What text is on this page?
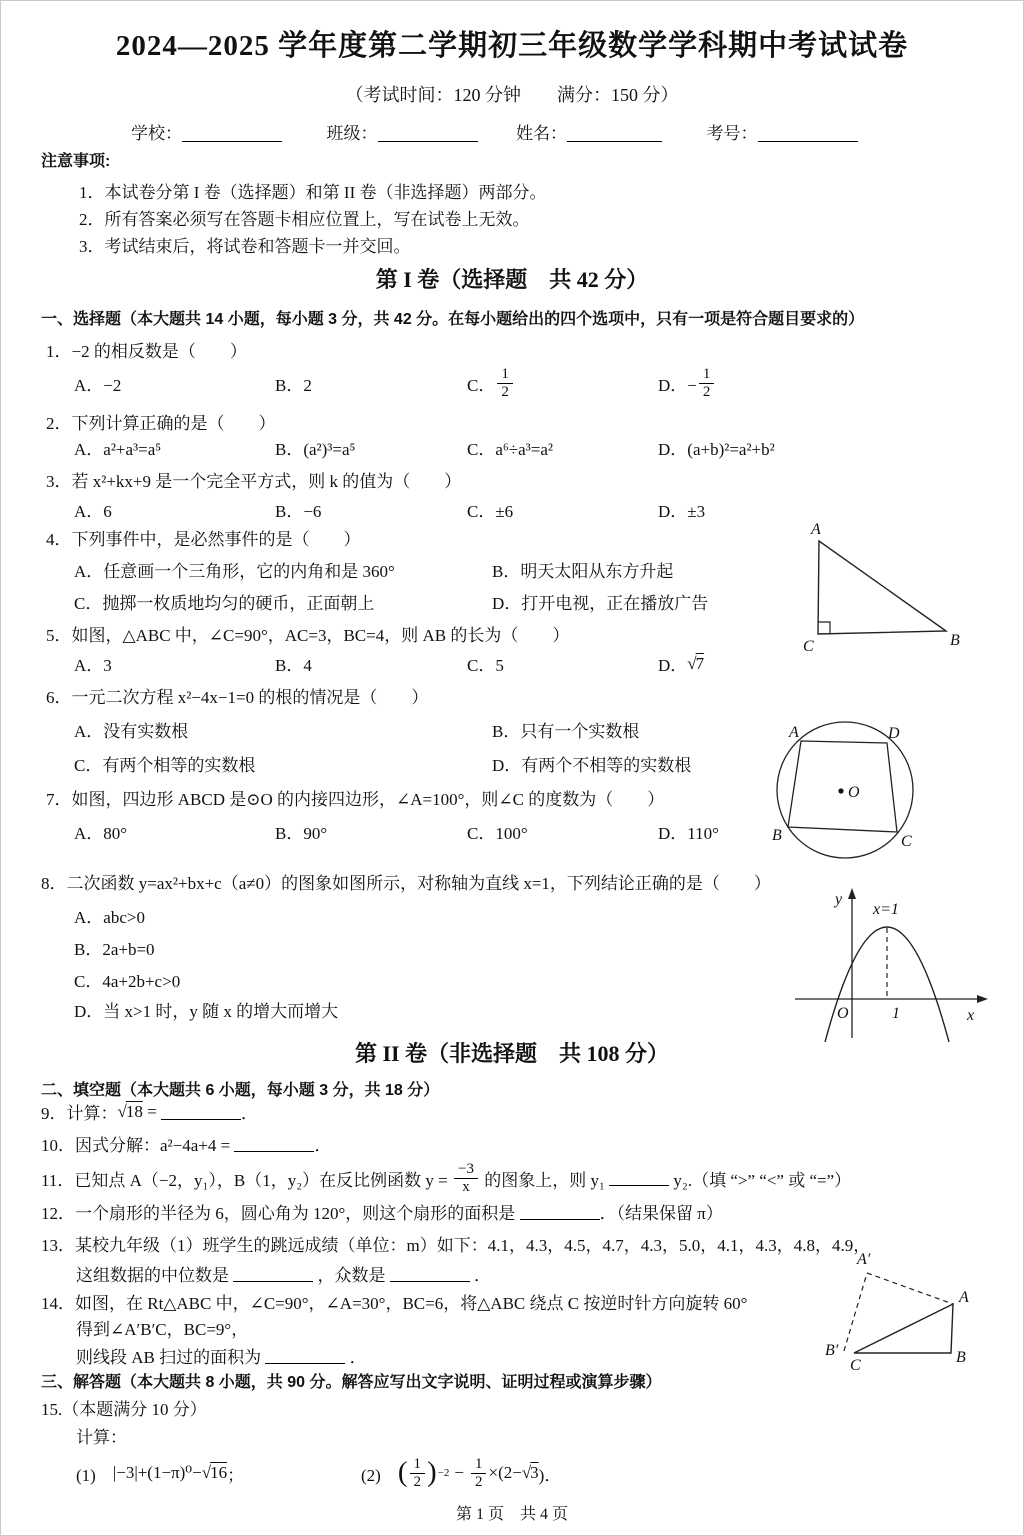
2024—2025 学年度第二学期初三年级数学学科期中考试试卷
（考试时间：120 分钟　　满分：150 分）
学校：	班级：	姓名：	考号：
注意事项:
1．本试卷分第 I 卷（选择题）和第 II 卷（非选择题）两部分。
2．所有答案必须写在答题卡相应位置上，写在试卷上无效。
3．考试结束后，将试卷和答题卡一并交回。
第 I 卷（选择题　共 42 分）
一、选择题（本大题共 14 小题，每小题 3 分，共 42 分。在每小题给出的四个选项中，只有一项是符合题目要求的）
1．−2 的相反数是（　　）
A．−2	B．2	C． $\frac{1}{2}$	D．− $\frac{1}{2}$
2．下列计算正确的是（　　）
A．a²+a³=a⁵	B．(a²)³=a⁵	C．a⁶÷a³=a²	D．(a+b)²=a²+b²
3．若 x²+kx+9 是一个完全平方式，则 k 的值为（　　）
A．6	B．−6	C．±6	D．±3
4．下列事件中，是必然事件的是（　　）
A．任意画一个三角形，它的内角和是 360°	B．明天太阳从东方升起
C．抛掷一枚质地均匀的硬币，正面朝上	D．打开电视，正在播放广告
5．如图，△ABC 中，∠C=90°，AC=3，BC=4，则 AB 的长为（　　）
A．3	B．4	C．5	D． √ 7
6．一元二次方程 x²−4x−1=0 的根的情况是（　　）
A．没有实数根	B．只有一个实数根
C．有两个相等的实数根	D．有两个不相等的实数根
7．如图，四边形 ABCD 是⊙O 的内接四边形，∠A=100°，则∠C 的度数为（　　）
A．80°	B．90°	C．100°	D．110°
8．二次函数 y=ax²+bx+c（a≠0）的图象如图所示，对称轴为直线 x=1，下列结论正确的是（　　）
A．abc>0
B．2a+b=0
C．4a+2b+c>0
D．当 x>1 时，y 随 x 的增大而增大
第 II 卷（非选择题　共 108 分）
二、填空题（本大题共 6 小题，每小题 3 分，共 18 分）
9．计算： √18 =	．
10．因式分解：a²−4a+4 =	．
11．已知点 A（−2，y₁），B（1，y₂）在反比例函数 $y = \frac{-3}{x}$ 的图象上，则 y₁	y₂.（填 “>” “<” 或 “=”）
12．一个扇形的半径为 6，圆心角为 120°，则这个扇形的面积是	．（结果保留 π）
13．某校九年级（1）班学生的跳远成绩（单位：m）如下：4.1，4.3，4.5，4.7，4.3，5.0，4.1，4.3，4.8，4.9，
这组数据的中位数是	，众数是	．
14．如图，在 Rt△ABC 中，∠C=90°，∠A=30°，BC=6，将△ABC 绕点 C 按逆时针方向旋转 60°
得到∠A′B′C，BC=9°，
则线段 AB 扫过的面积为	．
三、解答题（本大题共 8 小题，共 90 分。解答应写出文字说明、证明过程或演算步骤）
15.（本题满分 10 分）
计算：
(1)　 |−3|+(1−π)⁰− √16 ；	(2)　 ( $\frac{1}{2}$ ) $-2 - \frac{1}{2} \times(2- √3$ )．
第 1 页　共 4 页
A
C	B
A	D
B	C
O
y
x=1
O	1	x
A′
A
B′	B
C
